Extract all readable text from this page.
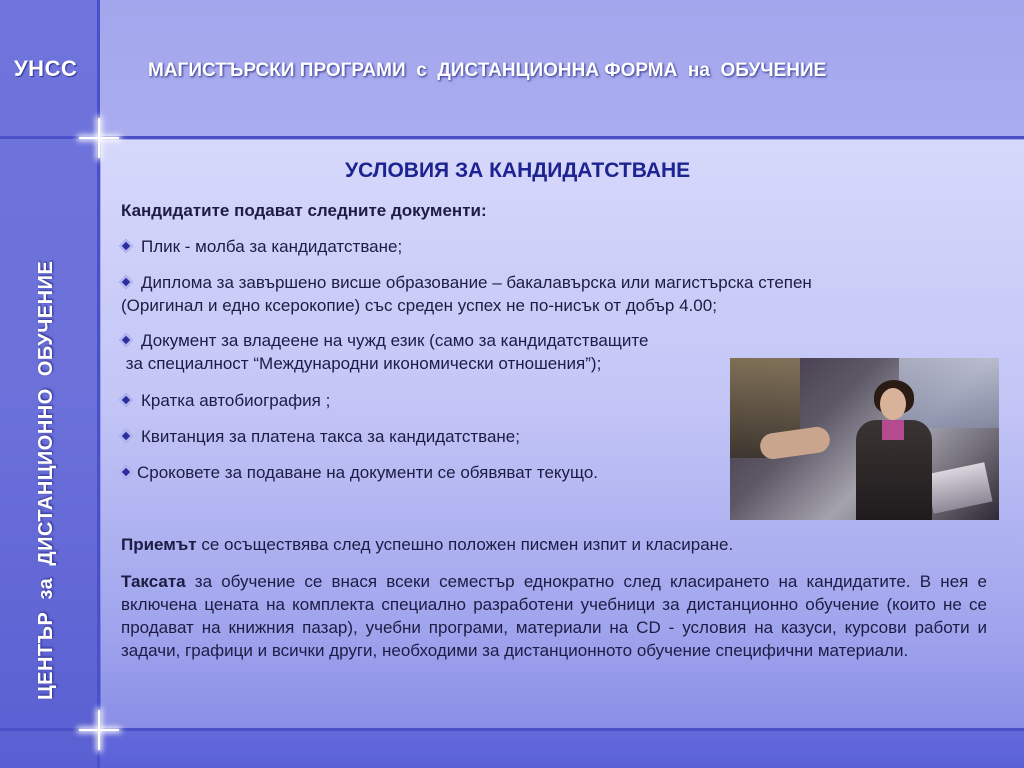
УНСС	МАГИСТЪРСКИ ПРОГРАМИ  с  ДИСТАНЦИОННА ФОРМА  на  ОБУЧЕНИЕ
ЦЕНТЪР  за  ДИСТАНЦИОННО  ОБУЧЕНИЕ
УСЛОВИЯ ЗА КАНДИДАТСТВАНЕ
Кандидатите подават следните документи:
Плик - молба за кандидатстване;
Диплома за завършено висше образование – бакалавърска или магистърска степен
(Оригинал и едно ксерокопие) със среден успех не по-нисък от добър 4.00;
Документ за владеене на чужд език (само за кандидатстващите
за специалност “Международни икономически отношения”);
Кратка автобиография ;
Квитанция за платена такса за кандидатстване;
Сроковете за подаване на документи се обявяват текущо.
Приемът се осъществява след успешно положен писмен изпит и класиране.
Таксата за обучение се внася всеки семестър еднократно след класирането на кандидатите. В нея е включена цената на комплекта специално разработени учебници за дистанционно обучение (които не се продават на книжния пазар), учебни програми, материали на CD - условия на казуси, курсови работи и задачи, графици и всички други, необходими за дистанционното обучение специфични материали.
